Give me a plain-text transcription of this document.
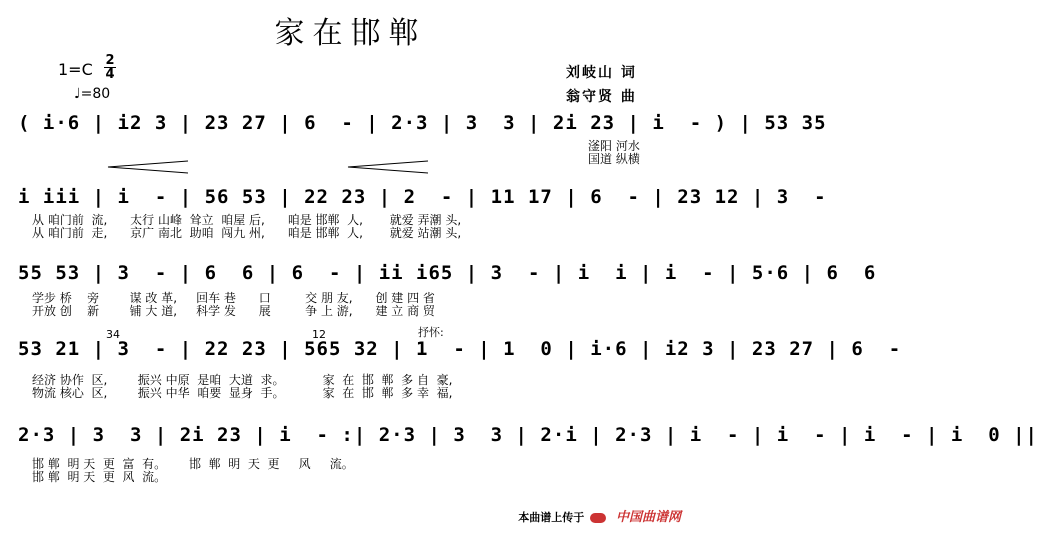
家在邯郸
1=C 2
4
♩=80
刘岐山 词
翁守贤 曲
( i·6 | i2 3 | 23 27 | 6  - | 2·3 | 3  3 | 2i 23 | i  - ) | 53 35
滏阳 河水
国道 纵横
i iii | i  - | 56 53 | 22 23 | 2  - | 11 17 | 6  - | 23 12 | 3  -
从 咱门前  流,      太行 山峰  耸立  咱屋 后,      咱是 邯郸  人,       就爱 弄潮 头,
从 咱门前  走,      京广 南北  助咱  闯九 州,      咱是 邯郸  人,       就爱 站潮 头,
55 53 | 3  - | 6  6 | 6  - | ii i65 | 3  - | i  i | i  - | 5·6 | 6  6
学步 桥    旁        谋 改 革,     回车 巷      口         交 朋 友,      创 建 四 省
开放 创    新        铺 大 道,     科学 发      展         争 上 游,      建 立 商 贸
34	12	抒怀:
53 21 | 3  - | 22 23 | 565 32 | 1  - | 1  0 | i·6 | i2 3 | 23 27 | 6  -
经济 协作  区,        振兴 中原  是咱  大道  求。          家  在  邯  郸  多 自  豪,
物流 核心  区,        振兴 中华  咱要  显身  手。          家  在  邯  郸  多 幸  福,
2·3 | 3  3 | 2i 23 | i  - :| 2·3 | 3  3 | 2·i | 2·3 | i  - | i  - | i  - | i  0 ||
邯 郸  明 天  更  富  有。      邯  郸  明  天  更     风     流。
邯 郸  明 天  更  风  流。
本曲谱上传于 中国曲谱网
